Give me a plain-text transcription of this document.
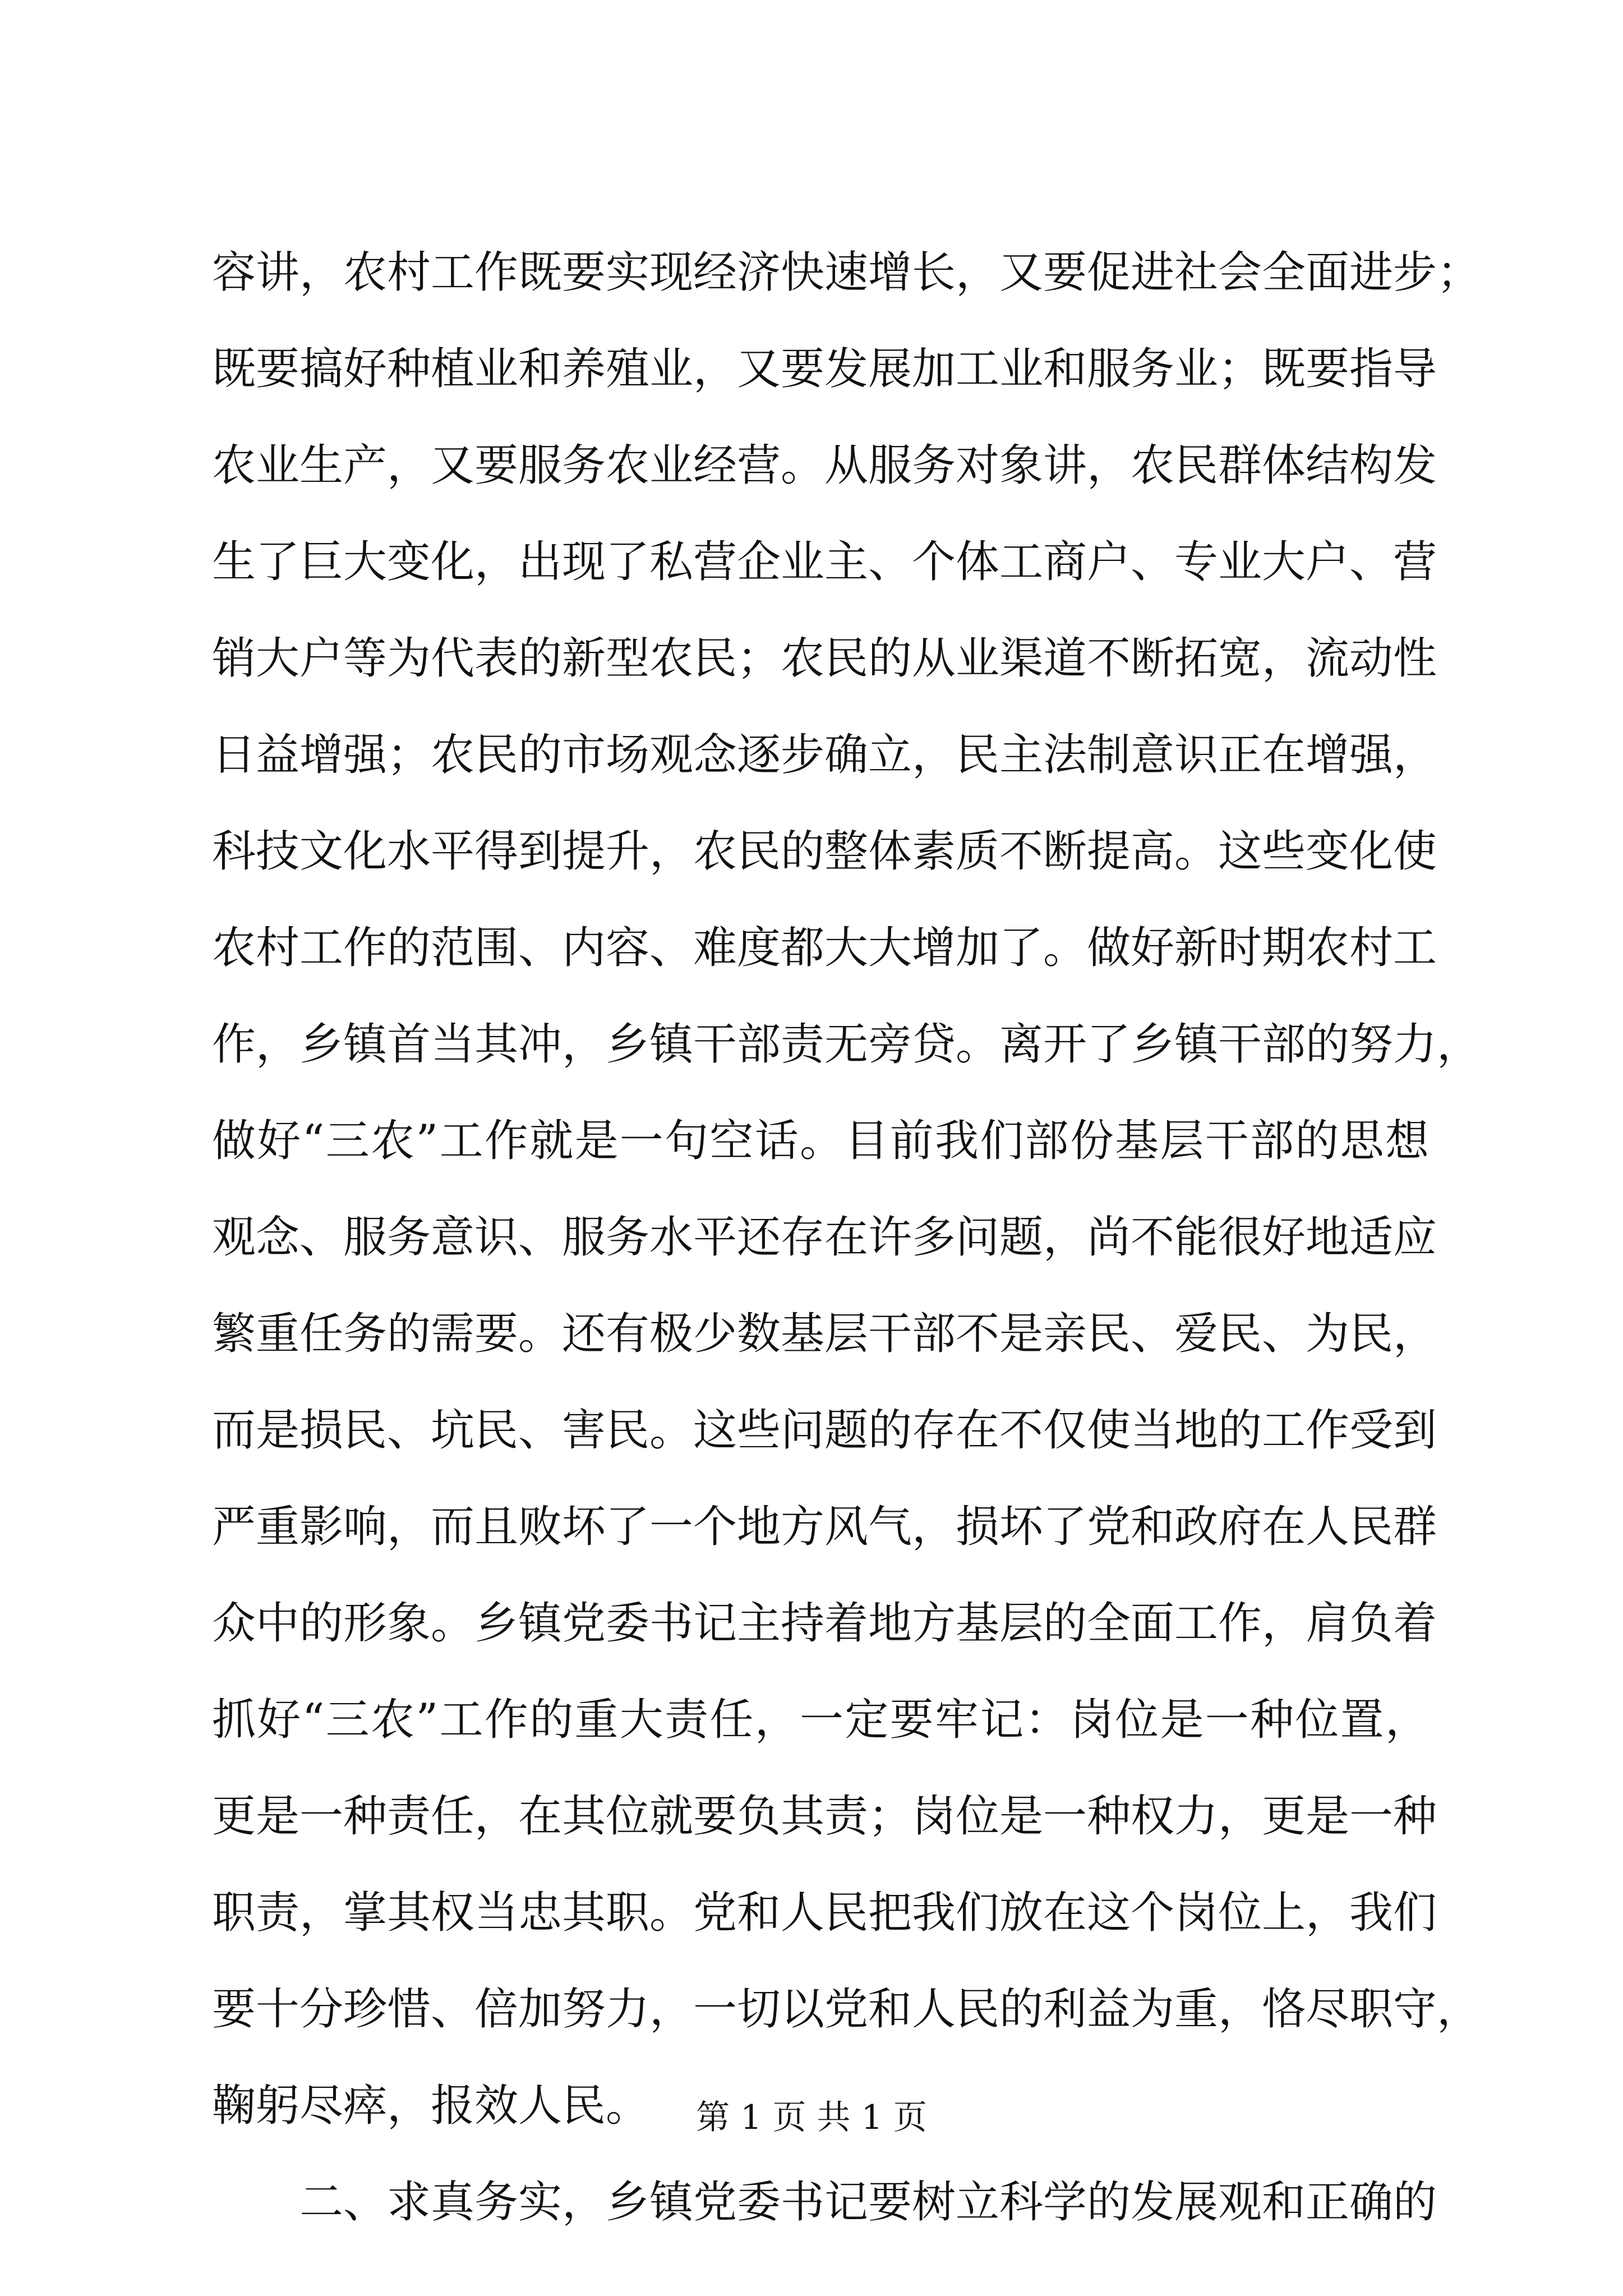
容讲，农村工作既要实现经济快速增长，又要促进社会全面进步；
既要搞好种植业和养殖业，又要发展加工业和服务业；既要指导
农业生产，又要服务农业经营。从服务对象讲，农民群体结构发
生了巨大变化，出现了私营企业主、个体工商户、专业大户、营
销大户等为代表的新型农民；农民的从业渠道不断拓宽，流动性
日益增强；农民的市场观念逐步确立，民主法制意识正在增强，
科技文化水平得到提升，农民的整体素质不断提高。这些变化使
农村工作的范围、内容、难度都大大增加了。做好新时期农村工
作，乡镇首当其冲，乡镇干部责无旁贷。离开了乡镇干部的努力，
做好“三农”工作就是一句空话。目前我们部份基层干部的思想
观念、服务意识、服务水平还存在许多问题，尚不能很好地适应
繁重任务的需要。还有极少数基层干部不是亲民、爱民、为民，
而是损民、坑民、害民。这些问题的存在不仅使当地的工作受到
严重影响，而且败坏了一个地方风气，损坏了党和政府在人民群
众中的形象。乡镇党委书记主持着地方基层的全面工作，肩负着
抓好“三农”工作的重大责任，一定要牢记：岗位是一种位置，
更是一种责任，在其位就要负其责；岗位是一种权力，更是一种
职责，掌其权当忠其职。党和人民把我们放在这个岗位上，我们
要十分珍惜、倍加努力，一切以党和人民的利益为重，恪尽职守，
鞠躬尽瘁，报效人民。
二、求真务实，乡镇党委书记要树立科学的发展观和正确的
第 1 页 共 1 页
